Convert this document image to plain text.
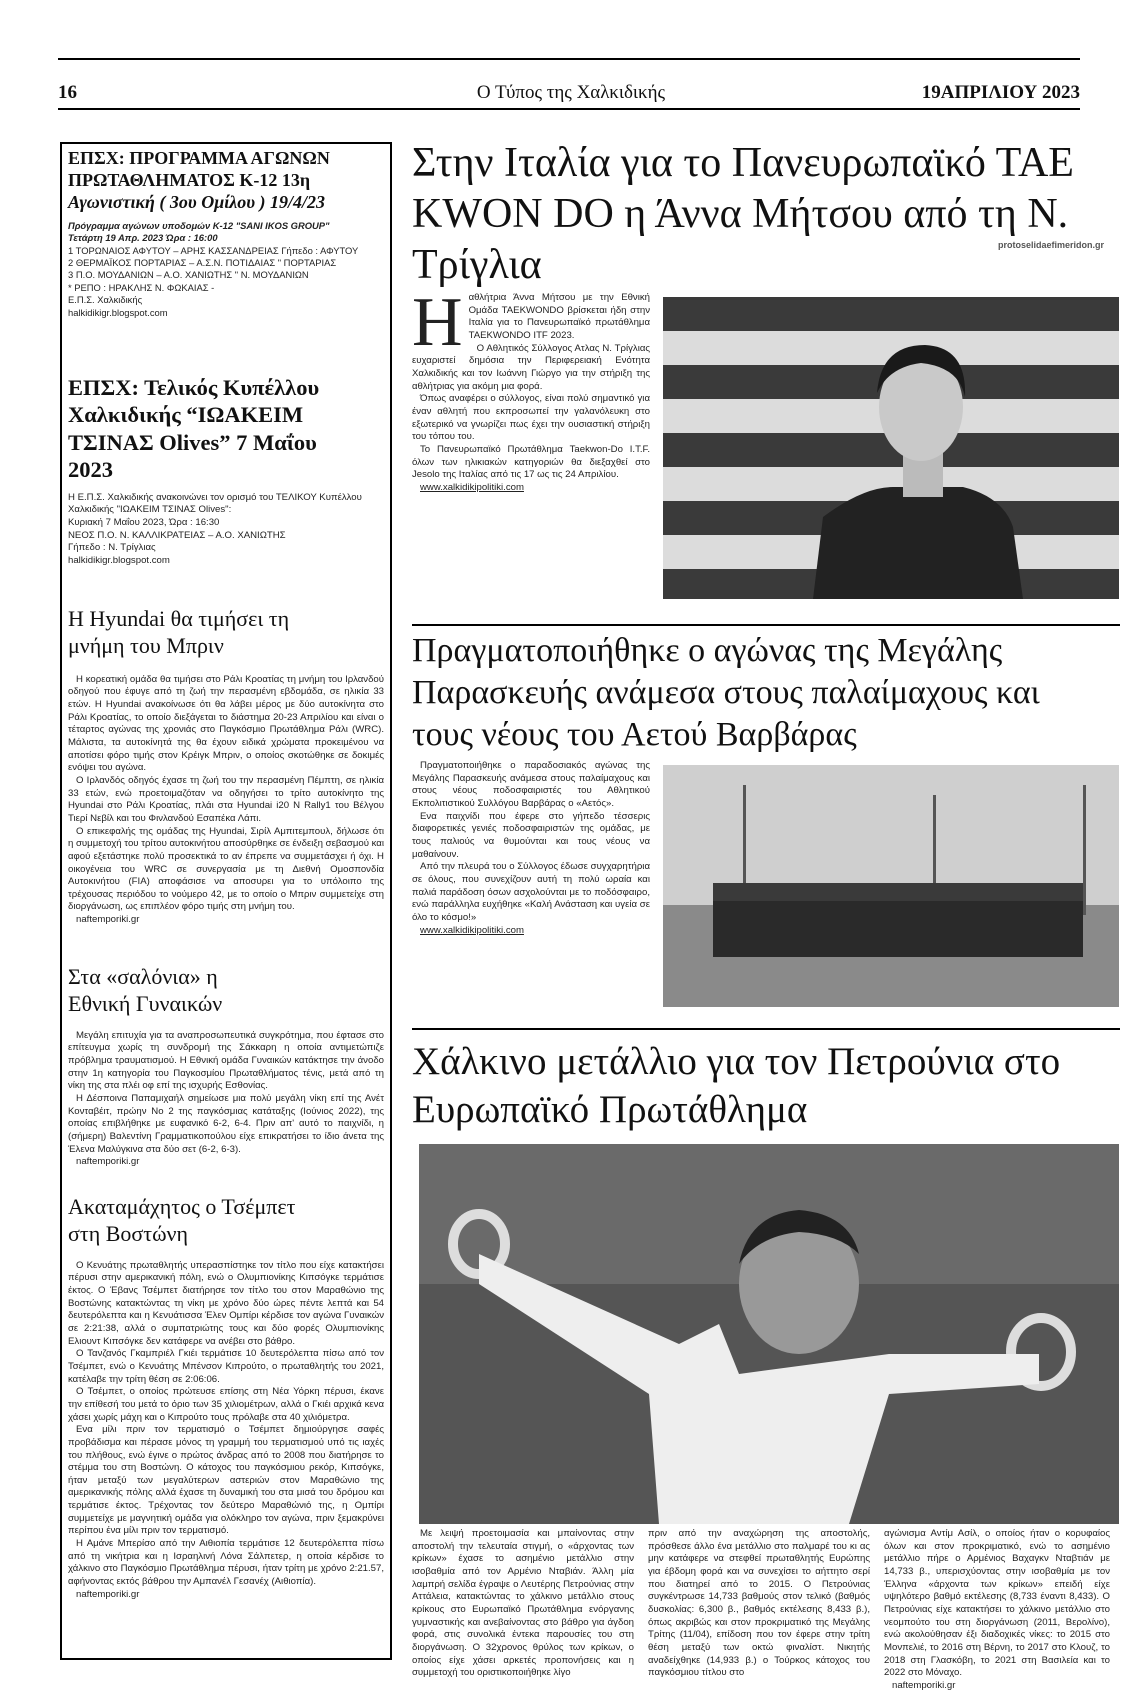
16	Ο Τύπος της Χαλκιδικής	19ΑΠΡΙΛΙΟΥ 2023
protoselidaefimeridon.gr
ΕΠΣΧ: ΠΡΟΓΡΑΜΜΑ ΑΓΩΝΩΝ ΠΡΩΤΑΘΛΗΜΑΤΟΣ Κ-12 13η
Αγωνιστική ( 3ου Ομίλου ) 19/4/23
Πρόγραμμα αγώνων υποδομών Κ-12 "SANI IKOS GROUP"
Τετάρτη 19 Απρ. 2023 Ώρα : 16:00
1 ΤΟΡΩΝΑΙΟΣ ΑΦΥΤΟΥ – ΑΡΗΣ ΚΑΣΣΑΝΔΡΕΙΑΣ Γήπεδο : ΑΦΥΤΟΥ
2 ΘΕΡΜΑΪΚΟΣ ΠΟΡΤΑΡΙΑΣ – Α.Σ.Ν. ΠΟΤΙΔΑΙΑΣ " ΠΟΡΤΑΡΙΑΣ
3 Π.Ο. ΜΟΥΔΑΝΙΩΝ – Α.Ο. ΧΑΝΙΩΤΗΣ " Ν. ΜΟΥΔΑΝΙΩΝ
* ΡΕΠΟ : ΗΡΑΚΛΗΣ Ν. ΦΩΚΑΙΑΣ -
Ε.Π.Σ. Χαλκιδικής
halkidikigr.blogspot.com
ΕΠΣΧ: Τελικός Κυπέλλου Χαλκιδικής “ΙΩΑΚΕΙΜ ΤΣΙΝΑΣ Olives” 7 Μαΐου 2023
Η Ε.Π.Σ. Χαλκιδικής ανακοινώνει τον ορισμό του ΤΕΛΙΚΟΥ Κυπέλλου Χαλκιδικής "ΙΩΑΚΕΙΜ ΤΣΙΝΑΣ Olives":
Κυριακή 7 Μαΐου 2023, Ώρα : 16:30
ΝΕΟΣ Π.Ο. Ν. ΚΑΛΛΙΚΡΑΤΕΙΑΣ – Α.Ο. ΧΑΝΙΩΤΗΣ
Γήπεδο : Ν. Τρίγλιας
halkidikigr.blogspot.com
Η Hyundai θα τιμήσει τη μνήμη του Μπριν

Η κορεατική ομάδα θα τιμήσει στο Ράλι Κροατίας τη μνήμη του Ιρλανδού οδηγού που έφυγε από τη ζωή την περασμένη εβδομάδα, σε ηλικία 33 ετών. Η Hyundai ανακοίνωσε ότι θα λάβει μέρος με δύο αυτοκίνητα στο Ράλι Κροατίας, το οποίο διεξάγεται το διάστημα 20-23 Απριλίου και είναι ο τέταρτος αγώνας της χρονιάς στο Παγκόσμιο Πρωτάθλημα Ράλι (WRC). Μάλιστα, τα αυτοκίνητά της θα έχουν ειδικά χρώματα προκειμένου να αποτίσει φόρο τιμής στον Κρέιγκ Μπριν, ο οποίος σκοτώθηκε σε δοκιμές ενόψει του αγώνα.

Ο Ιρλανδός οδηγός έχασε τη ζωή του την περασμένη Πέμπτη, σε ηλικία 33 ετών, ενώ προετοιμαζόταν να οδηγήσει το τρίτο αυτοκίνητο της Hyundai στο Ράλι Κροατίας, πλάι στα Hyundai i20 N Rally1 του Βέλγου Τιερί Νεβίλ και του Φινλανδού Εσαπέκα Λάπι.

Ο επικεφαλής της ομάδας της Hyundai, Σιρίλ Αμπιτεμπουλ, δήλωσε ότι η συμμετοχή του τρίτου αυτοκινήτου αποσύρθηκε σε ένδειξη σεβασμού και αφού εξετάστηκε πολύ προσεκτικά το αν έπρεπε να συμμετάσχει ή όχι. Η οικογένεια του WRC σε συνεργασία με τη Διεθνή Ομοσπονδία Αυτοκινήτου (FIA) αποφάσισε να αποσυρει για το υπόλοιπο της τρέχουσας περιόδου το νούμερο 42, με το οποίο ο Μπριν συμμετείχε στη διοργάνωση, ως επιπλέον φόρο τιμής στη μνήμη του.

naftemporiki.gr
Στα «σαλόνια» η Εθνική Γυναικών

Μεγάλη επιτυχία για τα αναπροσωπευτικά συγκρότημα, που έφτασε στο επίτευγμα χωρίς τη συνδρομή της Σάκκαρη η οποία αντιμετώπιζε πρόβλημα τραυματισμού. Η Εθνική ομάδα Γυναικών κατάκτησε την άνοδο στην 1η κατηγορία του Παγκοσμίου Πρωταθλήματος τένις, μετά από τη νίκη της στα πλέι οφ επί της ισχυρής Εσθονίας.

Η Δέσποινα Παπαμιχαήλ σημείωσε μια πολύ μεγάλη νίκη επί της Ανέτ Κονταβέιτ, πρώην Νο 2 της παγκόσμιας κατάταξης (Ιούνιος 2022), της οποίας επιβλήθηκε με ευφανικό 6-2, 6-4. Πριν απ' αυτό το παιχνίδι, η (σήμερη) Βαλεντίνη Γραμματικοπούλου είχε επικρατήσει το ίδιο άνετα της Έλενα Μαλύγκινα στα δύο σετ (6-2, 6-3).

naftemporiki.gr
Ακαταμάχητος ο Τσέμπετ στη Βοστώνη

Ο Κενυάτης πρωταθλητής υπερασπίστηκε τον τίτλο που είχε κατακτήσει πέρυσι στην αμερικανική πόλη, ενώ ο Ολυμπιονίκης Κιπσόγκε τερμάτισε έκτος. Ο Έβανς Τσέμπετ διατήρησε τον τίτλο του στον Μαραθώνιο της Βοστώνης κατακτώντας τη νίκη με χρόνο δύο ώρες πέντε λεπτά και 54 δευτερόλεπτα και η Κενυάτισσα Έλεν Ομπίρι κέρδισε τον αγώνα Γυναικών σε 2:21:38, αλλά ο συμπατριώτης τους και δύο φορές Ολυμπιονίκης Ελιουντ Κιπσόγκε δεν κατάφερε να ανέβει στο βάθρο.

Ο Τανζανός Γκαμπριέλ Γκιέι τερμάτισε 10 δευτερόλεπτα πίσω από τον Τσέμπετ, ενώ ο Κενυάτης Μπένσον Κιπρούτο, ο πρωταθλητής του 2021, κατέλαβε την τρίτη θέση σε 2:06:06.

Ο Τσέμπετ, ο οποίος πρώτευσε επίσης στη Νέα Υόρκη πέρυσι, έκανε την επίθεσή του μετά το όριο των 35 χιλιομέτρων, αλλά ο Γκιέι αρχικά κενα χάσει χωρίς μάχη και ο Κιπρούτο τους πρόλαβε στα 40 χιλιόμετρα.

Ενα μίλι πριν τον τερματισμό ο Τσέμπετ δημιούργησε σαφές προβάδισμα και πέρασε μόνος τη γραμμή του τερματισμού υπό τις ιαχές του πλήθους, ενώ έγινε ο πρώτος άνδρας από το 2008 που διατήρησε το στέμμα του στη Βοστώνη. Ο κάτοχος του παγκόσμιου ρεκόρ, Κιπσόγκε, ήταν μεταξύ των μεγαλύτερων αστεριών στον Μαραθώνιο της αμερικανικής πόλης αλλά έχασε τη δυναμική του στα μισά του δρόμου και τερμάτισε έκτος. Τρέχοντας τον δεύτερο Μαραθώνιό της, η Ομπίρι συμμετείχε με μαγνητική ομάδα για ολόκληρο τον αγώνα, πριν ξεμακρύνει περίπου ένα μίλι πριν τον τερματισμό.

Η Αμάνε Μπερίσο από την Αιθιοπία τερμάτισε 12 δευτερόλεπτα πίσω από τη νικήτρια και η Ισραηλινή Λόνα Σάλπετερ, η οποία κέρδισε το χάλκινο στο Παγκόσμιο Πρωτάθλημα πέρυσι, ήταν τρίτη με χρόνο 2:21.57, αφήνοντας εκτός βάθρου την Αμπανέλ Γεσανέχ (Αιθιοπία).

naftemporiki.gr
Στην Ιταλία για το Πανευρωπαϊκό ΤΑΕ KWON DO η Άννα Μήτσου από τη Ν. Τρίγλια
Η αθλήτρια Άννα Μήτσου με την Εθνική Ομάδα TAEKWONDO βρίσκεται ήδη στην Ιταλία για το Πανευρωπαϊκό πρωτάθλημα TAEKWONDO ITF 2023.

Ο Αθλητικός Σύλλογος Ατλας Ν. Τρίγλιας ευχαριστεί δημόσια την Περιφερειακή Ενότητα Χαλκιδικής και τον Ιωάννη Γιώργο για την στήριξη της αθλήτριας για ακόμη μια φορά.

Όπως αναφέρει ο σύλλογος, είναι πολύ σημαντικό για έναν αθλητή που εκπροσωπεί την γαλανόλευκη στο εξωτερικό να γνωρίζει πως έχει την ουσιαστική στήριξη του τόπου του.

Το Πανευρωπαϊκό Πρωτάθλημα Taekwon-Do I.T.F. όλων των ηλικιακών κατηγοριών θα διεξαχθεί στο Jesolo της Ιταλίας από τις 17 ως τις 24 Απριλίου.

www.xalkidikipolitiki.com
Πραγματοποιήθηκε ο αγώνας της Μεγάλης Παρασκευής ανάμεσα στους παλαίμαχους και τους νέους του Αετού Βαρβάρας

Πραγματοποιήθηκε ο παραδοσιακός αγώνας της Μεγάλης Παρασκευής ανάμεσα στους παλαίμαχους και στους νέους ποδοσφαιριστές του Αθλητικού Εκπολιτιστικού Συλλόγου Βαρβάρας ο «Αετός».

Ενα παιχνίδι που έφερε στο γήπεδο τέσσερις διαφορετικές γενιές ποδοσφαιριστών της ομάδας, με τους παλιούς να θυμούνται και τους νέους να μαθαίνουν.

Από την πλευρά του ο Σύλλογος έδωσε συγχαρητήρια σε όλους, που συνεχίζουν αυτή τη πολύ ωραία και παλιά παράδοση όσων ασχολούνται με το ποδόσφαιρο, ενώ παράλληλα ευχήθηκε «Καλή Ανάσταση και υγεία σε όλο το κόσμο!»

www.xalkidikipolitiki.com
Χάλκινο μετάλλιο για τον Πετρούνια στο Ευρωπαϊκό Πρωτάθλημα

Με λειψή προετοιμασία και μπαίνοντας στην αποστολή την τελευταία στιγμή, ο «άρχοντας των κρίκων» έχασε το ασημένιο μετάλλιο στην ισοβαθμία από τον Αρμένιο Νταβιάν. Άλλη μία λαμπρή σελίδα έγραψε ο Λευτέρης Πετρούνιας στην Αττάλεια, κατακτώντας το χάλκινο μετάλλιο στους κρίκους στο Ευρωπαϊκό Πρωτάθλημα ενόργανης γυμναστικής και ανεβαίνοντας στο βάθρο για άγδοη φορά, στις συνολικά έντεκα παρουσίες του στη διοργάνωση. Ο 32χρονος θρύλος των κρίκων, ο οποίος είχε χάσει αρκετές προπονήσεις και η συμμετοχή του οριστικοποιήθηκε λίγο

πριν από την αναχώρηση της αποστολής, πρόσθεσε άλλο ένα μετάλλιο στο παλμαρέ του κι ας μην κατάφερε να στεφθεί πρωταθλητής Ευρώπης για έβδομη φορά και να συνεχίσει το αήττητο σερί που διατηρεί από το 2015. Ο Πετρούνιας συγκέντρωσε 14,733 βαθμούς στον τελικό (βαθμός δυσκολίας: 6,300 β., βαθμός εκτέλεσης 8,433 β.), όπως ακριβώς και στον προκριματικό της Μεγάλης Τρίτης (11/04), επίδοση που τον έφερε στην τρίτη θέση μεταξύ των οκτώ φιναλίστ. Νικητής αναδείχθηκε (14,933 β.) ο Τούρκος κάτοχος του παγκόσμιου τίτλου στο

αγώνισμα Αντίμ Ασίλ, ο οποίος ήταν ο κορυφαίος όλων και στον προκριματικό, ενώ το ασημένιο μετάλλιο πήρε ο Αρμένιος Βαχαγκν Νταβτιάν με 14,733 β., υπερισχύοντας στην ισοβαθμία με τον Έλληνα «άρχοντα των κρίκων» επειδή είχε υψηλότερο βαθμό εκτέλεσης (8,733 έναντι 8,433). Ο Πετρούνιας είχε κατακτήσει το χάλκινο μετάλλιο στο νεομπούτο του στη διοργάνωση (2011, Βερολίνο), ενώ ακολούθησαν έξι διαδοχικές νίκες: το 2015 στο Μονπελιέ, το 2016 στη Βέρνη, το 2017 στο Κλουζ, το 2018 στη Γλασκόβη, το 2021 στη Βασιλεία και το 2022 στο Μόναχο.

naftemporiki.gr
